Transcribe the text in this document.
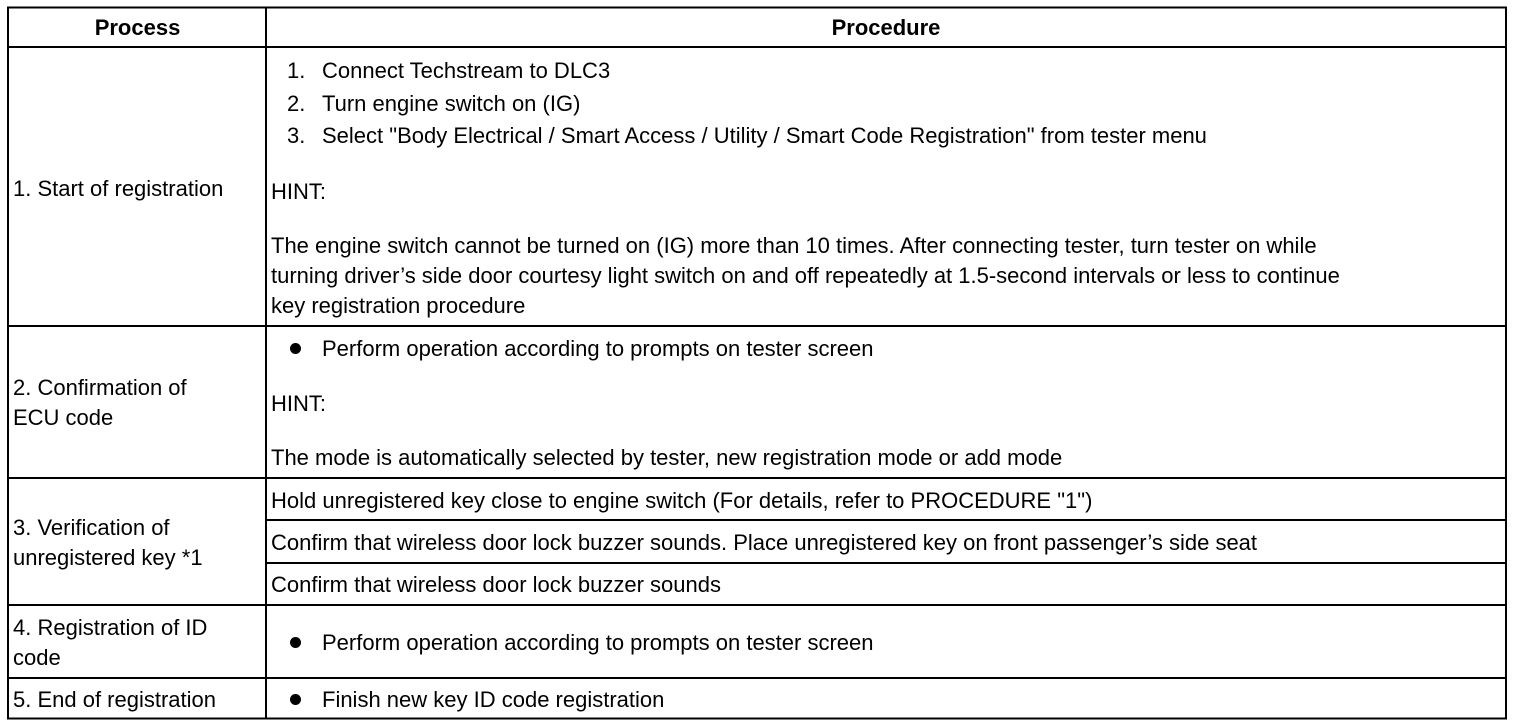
Process	Procedure
1. Start of registration
1. Connect Techstream to DLC3
2. Turn engine switch on (IG)
3. Select "Body Electrical / Smart Access / Utility / Smart Code Registration" from tester menu
HINT:
The engine switch cannot be turned on (IG) more than 10 times. After connecting tester, turn tester on while
turning driver’s side door courtesy light switch on and off repeatedly at 1.5-second intervals or less to continue
key registration procedure
2. Confirmation of
ECU code
Perform operation according to prompts on tester screen
HINT:
The mode is automatically selected by tester, new registration mode or add mode
3. Verification of
unregistered key *1
Hold unregistered key close to engine switch (For details, refer to PROCEDURE "1")
Confirm that wireless door lock buzzer sounds. Place unregistered key on front passenger’s side seat
Confirm that wireless door lock buzzer sounds
4. Registration of ID
code
Perform operation according to prompts on tester screen
5. End of registration	Finish new key ID code registration
